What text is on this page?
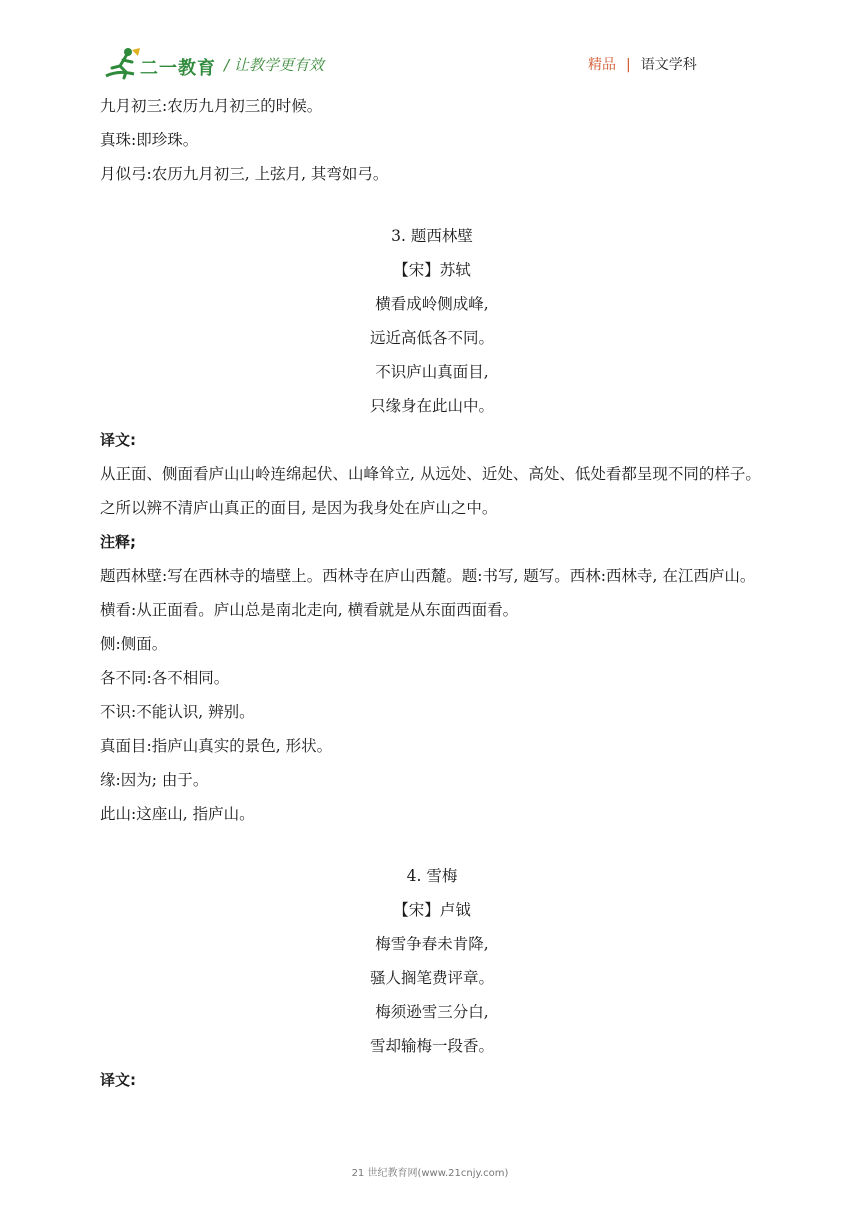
二一教育 / 让教学更有效	精品 | 语文学科
九月初三:农历九月初三的时候。
真珠:即珍珠。
月似弓:农历九月初三, 上弦月, 其弯如弓。
3. 题西林壁
【宋】苏轼
横看成岭侧成峰,
远近高低各不同。
不识庐山真面目,
只缘身在此山中。
译文:
从正面、侧面看庐山山岭连绵起伏、山峰耸立, 从远处、近处、高处、低处看都呈现不同的样子。之所以辨不清庐山真正的面目, 是因为我身处在庐山之中。
注释;
题西林壁:写在西林寺的墙壁上。西林寺在庐山西麓。题:书写, 题写。西林:西林寺, 在江西庐山。
横看:从正面看。庐山总是南北走向, 横看就是从东面西面看。
侧:侧面。
各不同:各不相同。
不识:不能认识, 辨别。
真面目:指庐山真实的景色, 形状。
缘:因为; 由于。
此山:这座山, 指庐山。
4. 雪梅
【宋】卢钺
梅雪争春未肯降,
骚人搁笔费评章。
梅须逊雪三分白,
雪却输梅一段香。
译文:
21 世纪教育网(www.21cnjy.com)
